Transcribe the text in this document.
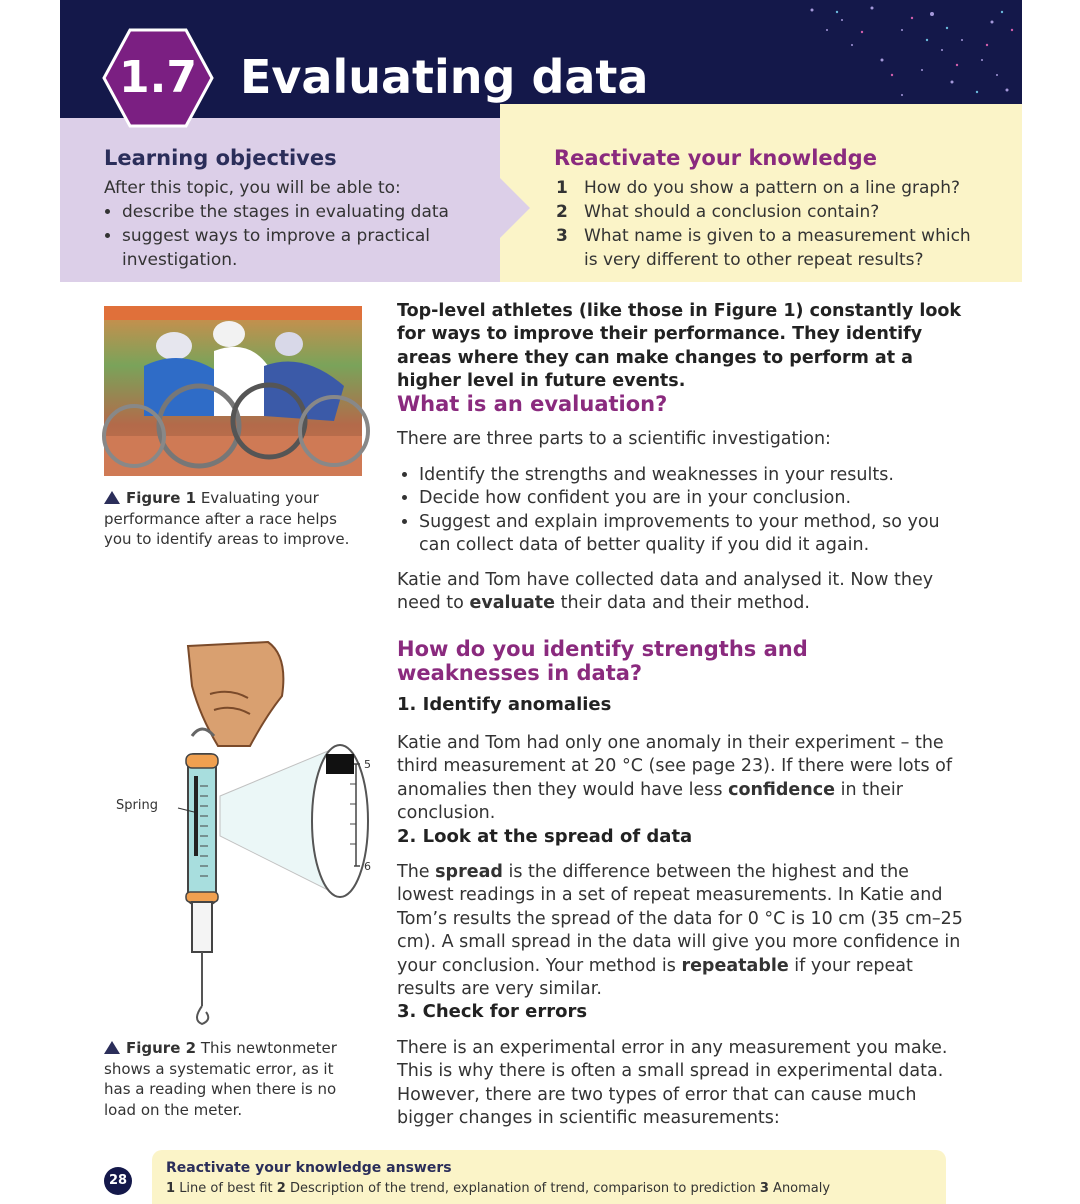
Evaluating data
Learning objectives
After this topic, you will be able to:
• describe the stages in evaluating data
• suggest ways to improve a practical investigation.
Reactivate your knowledge
1 How do you show a pattern on a line graph?
2 What should a conclusion contain?
3 What name is given to a measurement which is very different to other repeat results?
1.7
Figure 1 Evaluating your performance after a race helps you to identify areas to improve.
5
6
Spring
Figure 2 This newtonmeter shows a systematic error, as it has a reading when there is no load on the meter.
Top-level athletes (like those in Figure 1) constantly look for ways to improve their performance. They identify areas where they can make changes to perform at a higher level in future events.
What is an evaluation?
There are three parts to a scientific investigation:
• Identify the strengths and weaknesses in your results.
• Decide how confident you are in your conclusion.
• Suggest and explain improvements to your method, so you can collect data of better quality if you did it again.
Katie and Tom have collected data and analysed it. Now they need to evaluate their data and their method.
How do you identify strengths and weaknesses in data?
1. Identify anomalies
Katie and Tom had only one anomaly in their experiment – the third measurement at 20 °C (see page 23). If there were lots of anomalies then they would have less confidence in their conclusion.
2. Look at the spread of data
The spread is the difference between the highest and the lowest readings in a set of repeat measurements. In Katie and Tom’s results the spread of the data for 0 °C is 10 cm (35 cm–25 cm). A small spread in the data will give you more confidence in your conclusion. Your method is repeatable if your repeat results are very similar.
3. Check for errors
There is an experimental error in any measurement you make. This is why there is often a small spread in experimental data. However, there are two types of error that can cause much bigger changes in scientific measurements:
28
Reactivate your knowledge answers
1 Line of best fit 2 Description of the trend, explanation of trend, comparison to prediction 3 Anomaly
